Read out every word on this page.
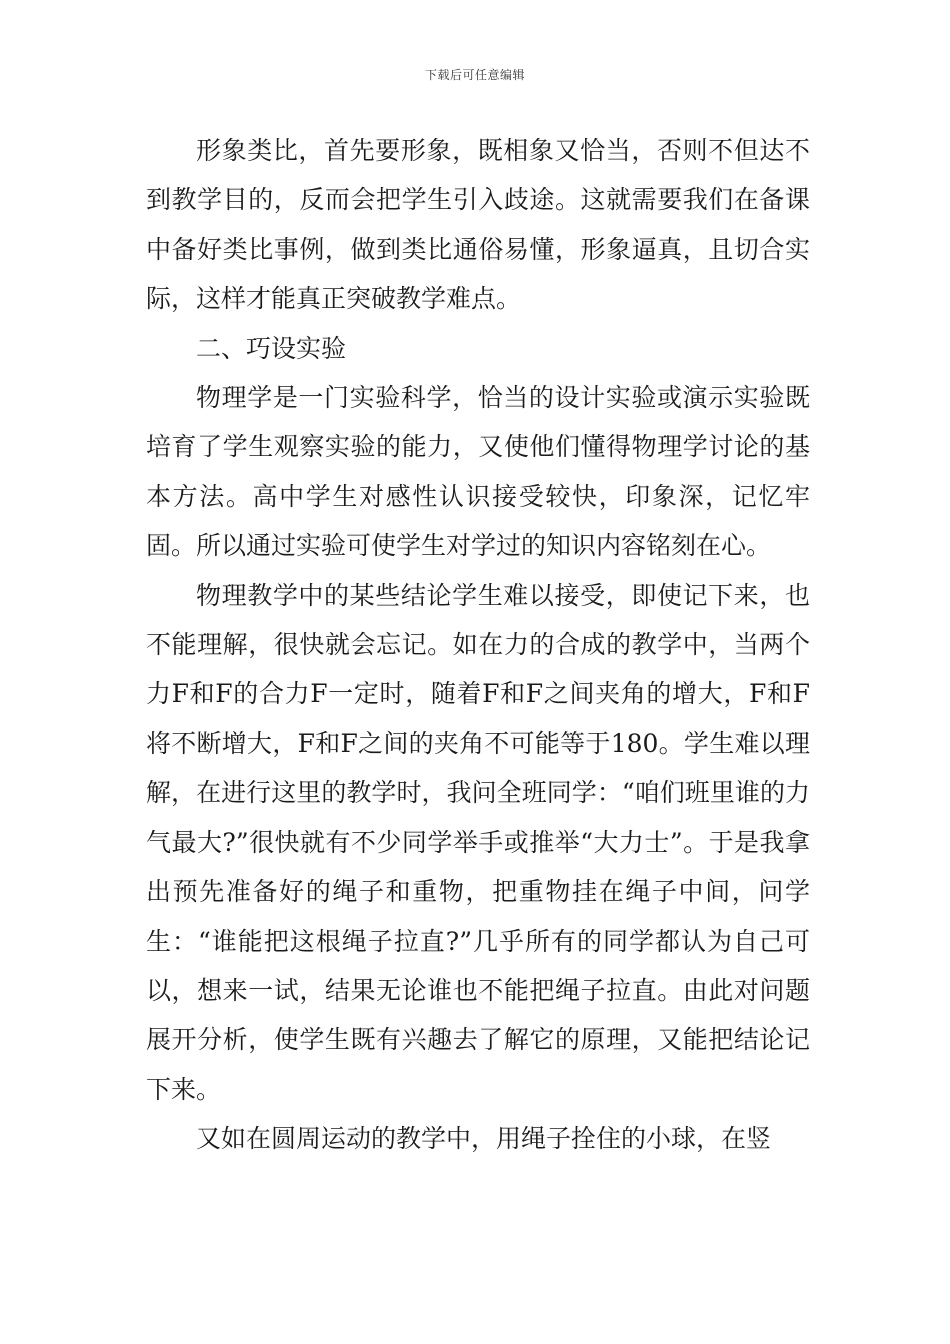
下载后可任意编辑

形象类比，首先要形象，既相象又恰当，否则不但达不到教学目的，反而会把学生引入歧途。这就需要我们在备课中备好类比事例，做到类比通俗易懂，形象逼真，且切合实际，这样才能真正突破教学难点。

二、巧设实验

物理学是一门实验科学，恰当的设计实验或演示实验既培育了学生观察实验的能力，又使他们懂得物理学讨论的基本方法。高中学生对感性认识接受较快，印象深，记忆牢固。所以通过实验可使学生对学过的知识内容铭刻在心。

物理教学中的某些结论学生难以接受，即使记下来，也不能理解，很快就会忘记。如在力的合成的教学中，当两个力F和F的合力F一定时，随着F和F之间夹角的增大，F和F将不断增大，F和F之间的夹角不可能等于180。学生难以理解，在进行这里的教学时，我问全班同学：“咱们班里谁的力气最大?”很快就有不少同学举手或推举“大力士”。于是我拿出预先准备好的绳子和重物，把重物挂在绳子中间，问学生：“谁能把这根绳子拉直?”几乎所有的同学都认为自己可以，想来一试，结果无论谁也不能把绳子拉直。由此对问题展开分析，使学生既有兴趣去了解它的原理，又能把结论记下来。

又如在圆周运动的教学中，用绳子拴住的小球，在竖
